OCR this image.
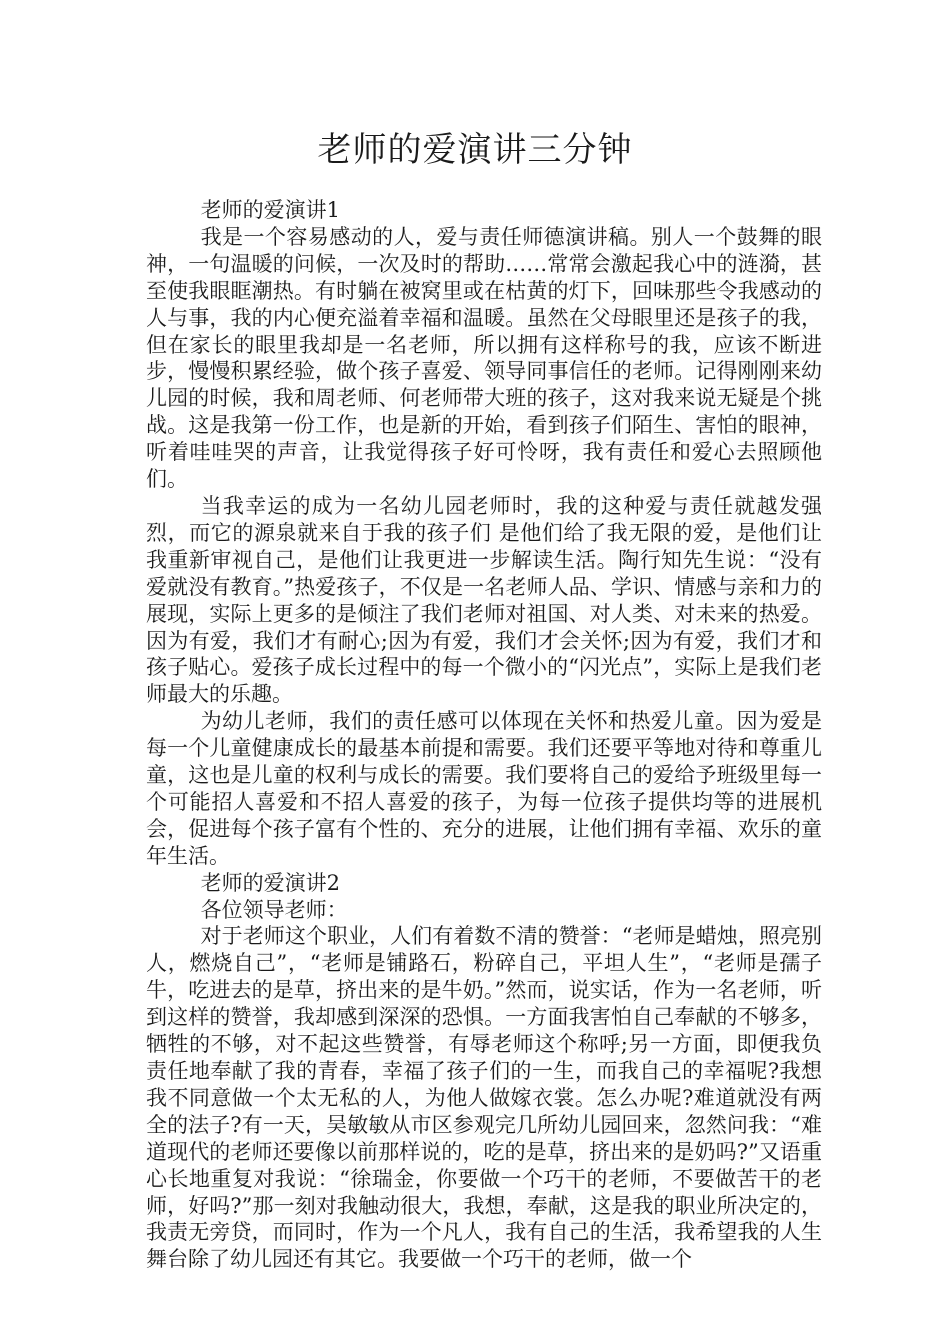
老师的爱演讲三分钟

老师的爱演讲1

我是一个容易感动的人，爱与责任师德演讲稿。别人一个鼓舞的眼神，一句温暖的问候，一次及时的帮助……常常会激起我心中的涟漪，甚至使我眼眶潮热。有时躺在被窝里或在枯黄的灯下，回味那些令我感动的人与事，我的内心便充溢着幸福和温暖。虽然在父母眼里还是孩子的我，但在家长的眼里我却是一名老师，所以拥有这样称号的我，应该不断进步，慢慢积累经验，做个孩子喜爱、领导同事信任的老师。记得刚刚来幼儿园的时候，我和周老师、何老师带大班的孩子，这对我来说无疑是个挑战。这是我第一份工作，也是新的开始，看到孩子们陌生、害怕的眼神，听着哇哇哭的声音，让我觉得孩子好可怜呀，我有责任和爱心去照顾他们。

当我幸运的成为一名幼儿园老师时，我的这种爱与责任就越发强烈，而它的源泉就来自于我的孩子们 是他们给了我无限的爱，是他们让我重新审视自己，是他们让我更进一步解读生活。陶行知先生说：“没有爱就没有教育。”热爱孩子，不仅是一名老师人品、学识、情感与亲和力的展现，实际上更多的是倾注了我们老师对祖国、对人类、对未来的热爱。因为有爱，我们才有耐心;因为有爱，我们才会关怀;因为有爱，我们才和孩子贴心。爱孩子成长过程中的每一个微小的“闪光点”，实际上是我们老师最大的乐趣。

为幼儿老师，我们的责任感可以体现在关怀和热爱儿童。因为爱是每一个儿童健康成长的最基本前提和需要。我们还要平等地对待和尊重儿童，这也是儿童的权利与成长的需要。我们要将自己的爱给予班级里每一个可能招人喜爱和不招人喜爱的孩子，为每一位孩子提供均等的进展机会，促进每个孩子富有个性的、充分的进展，让他们拥有幸福、欢乐的童年生活。

老师的爱演讲2

各位领导老师：

对于老师这个职业，人们有着数不清的赞誉：“老师是蜡烛，照亮别人，燃烧自己”，“老师是铺路石，粉碎自己，平坦人生”，“老师是孺子牛，吃进去的是草，挤出来的是牛奶。”然而，说实话，作为一名老师，听到这样的赞誉，我却感到深深的恐惧。一方面我害怕自己奉献的不够多，牺牲的不够，对不起这些赞誉，有辱老师这个称呼;另一方面，即便我负责任地奉献了我的青春，幸福了孩子们的一生，而我自己的幸福呢?我想我不同意做一个太无私的人，为他人做嫁衣裳。怎么办呢?难道就没有两全的法子?有一天，吴敏敏从市区参观完几所幼儿园回来，忽然问我：“难道现代的老师还要像以前那样说的，吃的是草，挤出来的是奶吗?”又语重心长地重复对我说：“徐瑞金，你要做一个巧干的老师，不要做苦干的老师，好吗?”那一刻对我触动很大，我想，奉献，这是我的职业所决定的，我责无旁贷，而同时，作为一个凡人，我有自己的生活，我希望我的人生舞台除了幼儿园还有其它。我要做一个巧干的老师，做一个
